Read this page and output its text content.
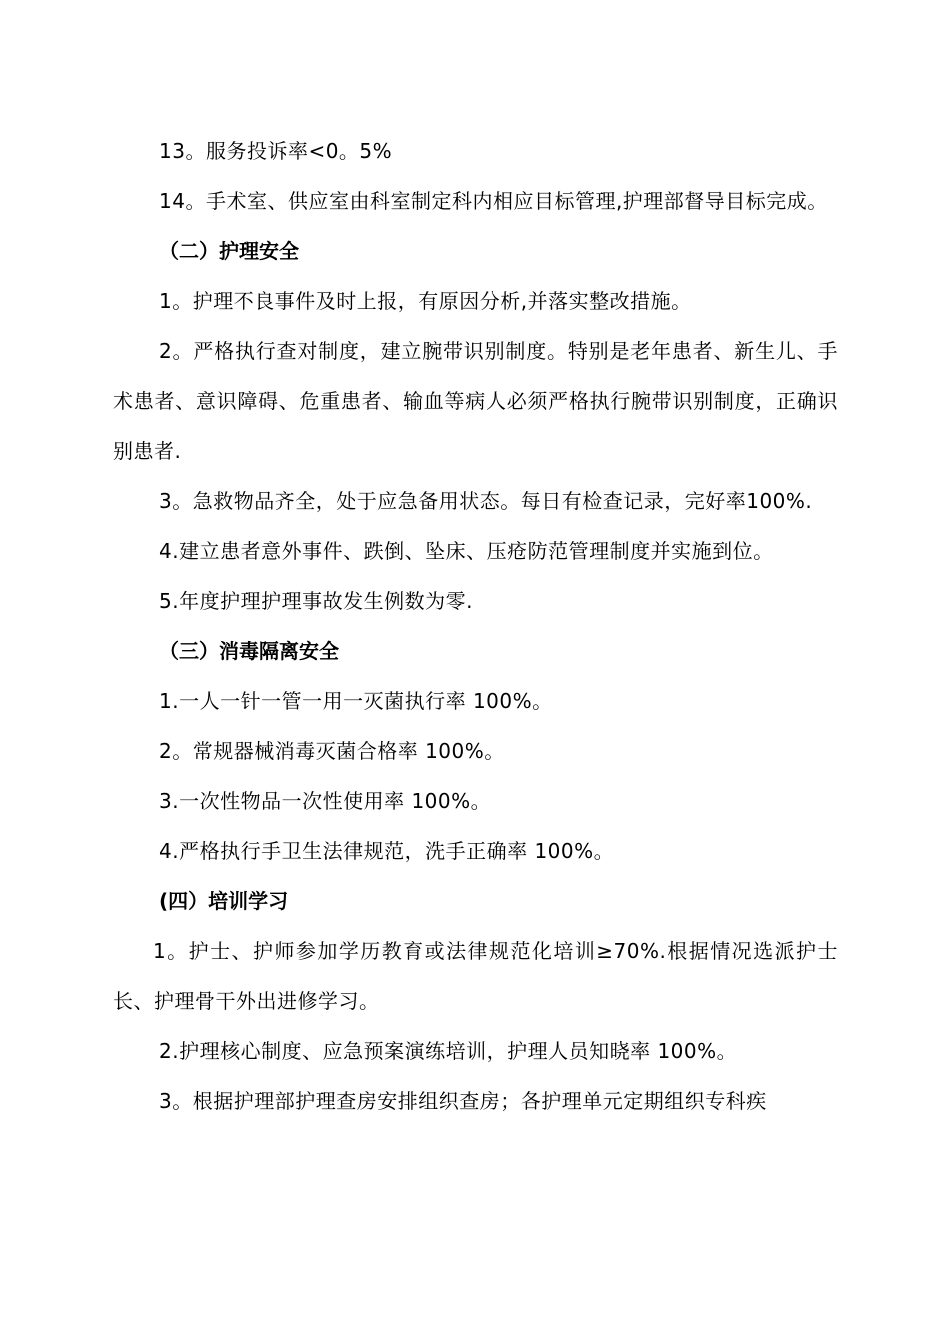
13。服务投诉率<0。5%

14。手术室、供应室由科室制定科内相应目标管理,护理部督导目标完成。

（二）护理安全

1。护理不良事件及时上报，有原因分析,并落实整改措施。

2。严格执行查对制度，建立腕带识别制度。特别是老年患者、新生儿、手术患者、意识障碍、危重患者、输血等病人必须严格执行腕带识别制度，正确识别患者.

3。急救物品齐全，处于应急备用状态。每日有检查记录，完好率100%.

4.建立患者意外事件、跌倒、坠床、压疮防范管理制度并实施到位。

5.年度护理护理事故发生例数为零.

（三）消毒隔离安全

1.一人一针一管一用一灭菌执行率 100%。

2。常规器械消毒灭菌合格率 100%。

3.一次性物品一次性使用率 100%。

4.严格执行手卫生法律规范，洗手正确率 100%。

(四）培训学习

1。护士、护师参加学历教育或法律规范化培训≥70%.根据情况选派护士长、护理骨干外出进修学习。

2.护理核心制度、应急预案演练培训，护理人员知晓率 100%。

3。根据护理部护理查房安排组织查房；各护理单元定期组织专科疾
